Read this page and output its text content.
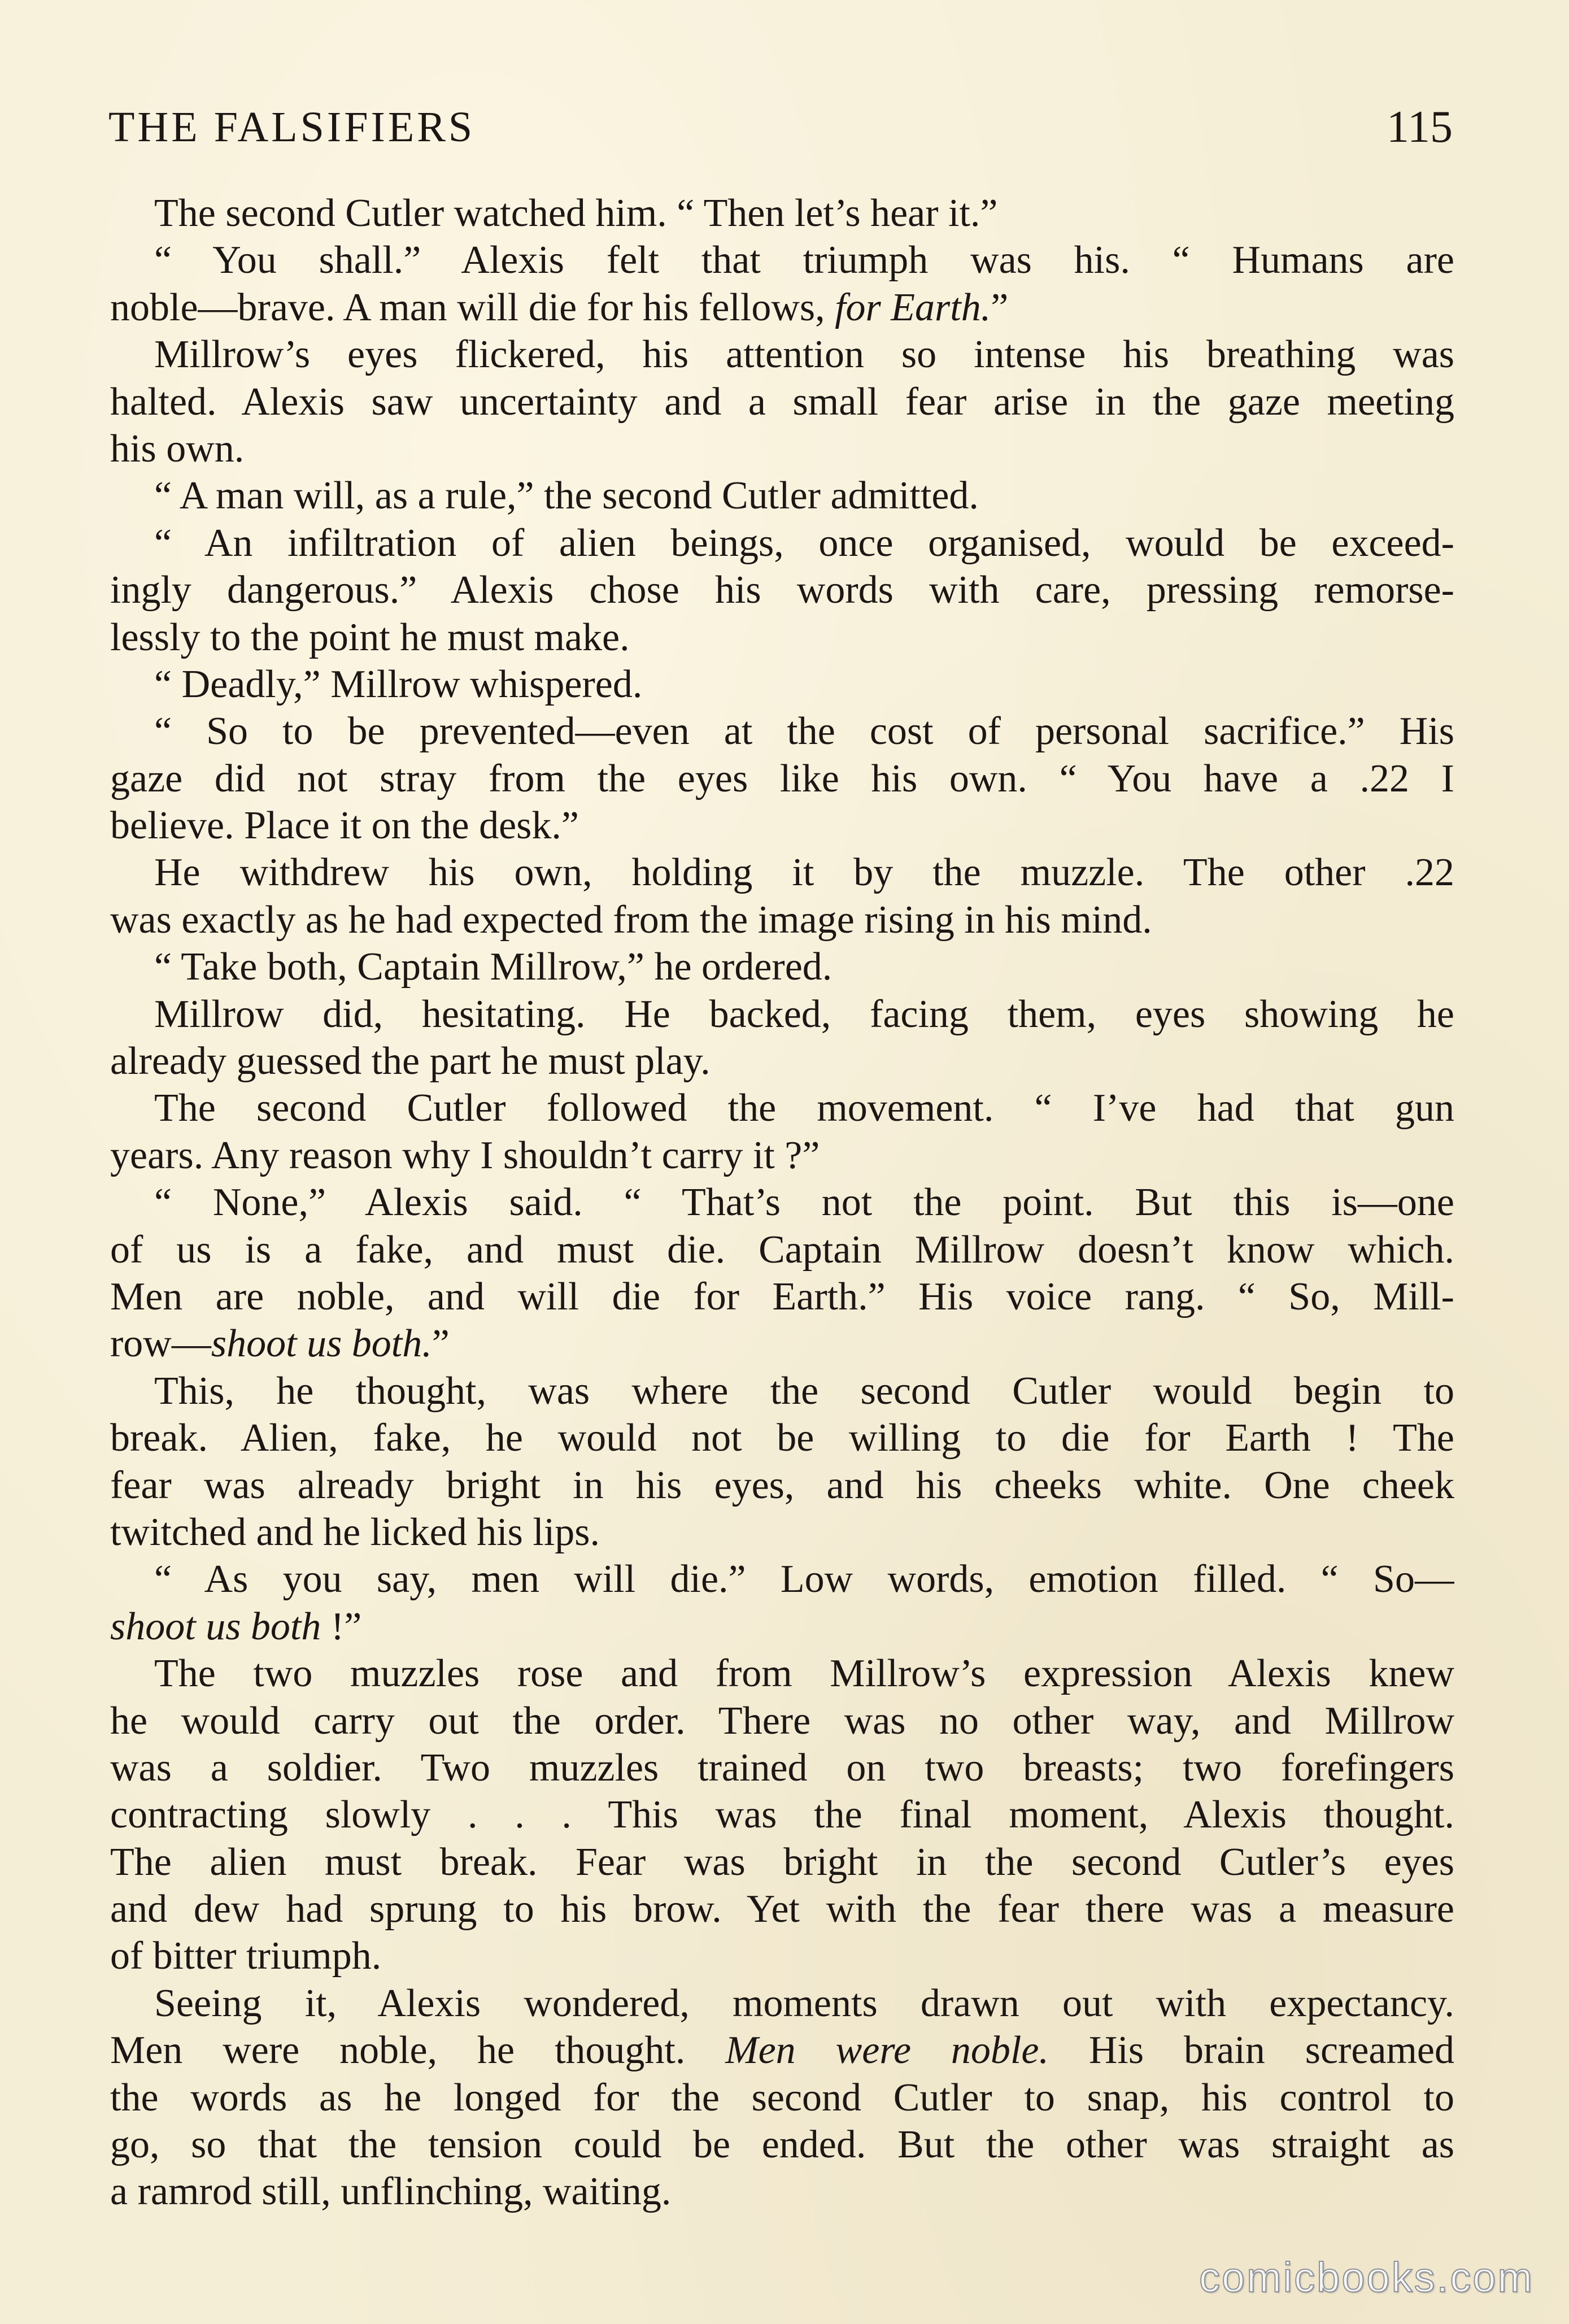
THE FALSIFIERS	115
The second Cutler watched him. “ Then let’s hear it.”
“ You shall.” Alexis felt that triumph was his. “ Humans are
noble—brave. A man will die for his fellows, for Earth.”
Millrow’s eyes flickered, his attention so intense his breathing was
halted. Alexis saw uncertainty and a small fear arise in the gaze meeting
his own.
“ A man will, as a rule,” the second Cutler admitted.
“ An infiltration of alien beings, once organised, would be exceed-
ingly dangerous.” Alexis chose his words with care, pressing remorse-
lessly to the point he must make.
“ Deadly,” Millrow whispered.
“ So to be prevented—even at the cost of personal sacrifice.” His
gaze did not stray from the eyes like his own. “ You have a .22 I
believe. Place it on the desk.”
He withdrew his own, holding it by the muzzle. The other .22
was exactly as he had expected from the image rising in his mind.
“ Take both, Captain Millrow,” he ordered.
Millrow did, hesitating. He backed, facing them, eyes showing he
already guessed the part he must play.
The second Cutler followed the movement. “ I’ve had that gun
years. Any reason why I shouldn’t carry it ?”
“ None,” Alexis said. “ That’s not the point. But this is—one
of us is a fake, and must die. Captain Millrow doesn’t know which.
Men are noble, and will die for Earth.” His voice rang. “ So, Mill-
row—shoot us both.”
This, he thought, was where the second Cutler would begin to
break. Alien, fake, he would not be willing to die for Earth ! The
fear was already bright in his eyes, and his cheeks white. One cheek
twitched and he licked his lips.
“ As you say, men will die.” Low words, emotion filled. “ So—
shoot us both !”
The two muzzles rose and from Millrow’s expression Alexis knew
he would carry out the order. There was no other way, and Millrow
was a soldier. Two muzzles trained on two breasts; two forefingers
contracting slowly . . . This was the final moment, Alexis thought.
The alien must break. Fear was bright in the second Cutler’s eyes
and dew had sprung to his brow. Yet with the fear there was a measure
of bitter triumph.
Seeing it, Alexis wondered, moments drawn out with expectancy.
Men were noble, he thought. Men were noble. His brain screamed
the words as he longed for the second Cutler to snap, his control to
go, so that the tension could be ended. But the other was straight as
a ramrod still, unflinching, waiting.
comicbooks.com
